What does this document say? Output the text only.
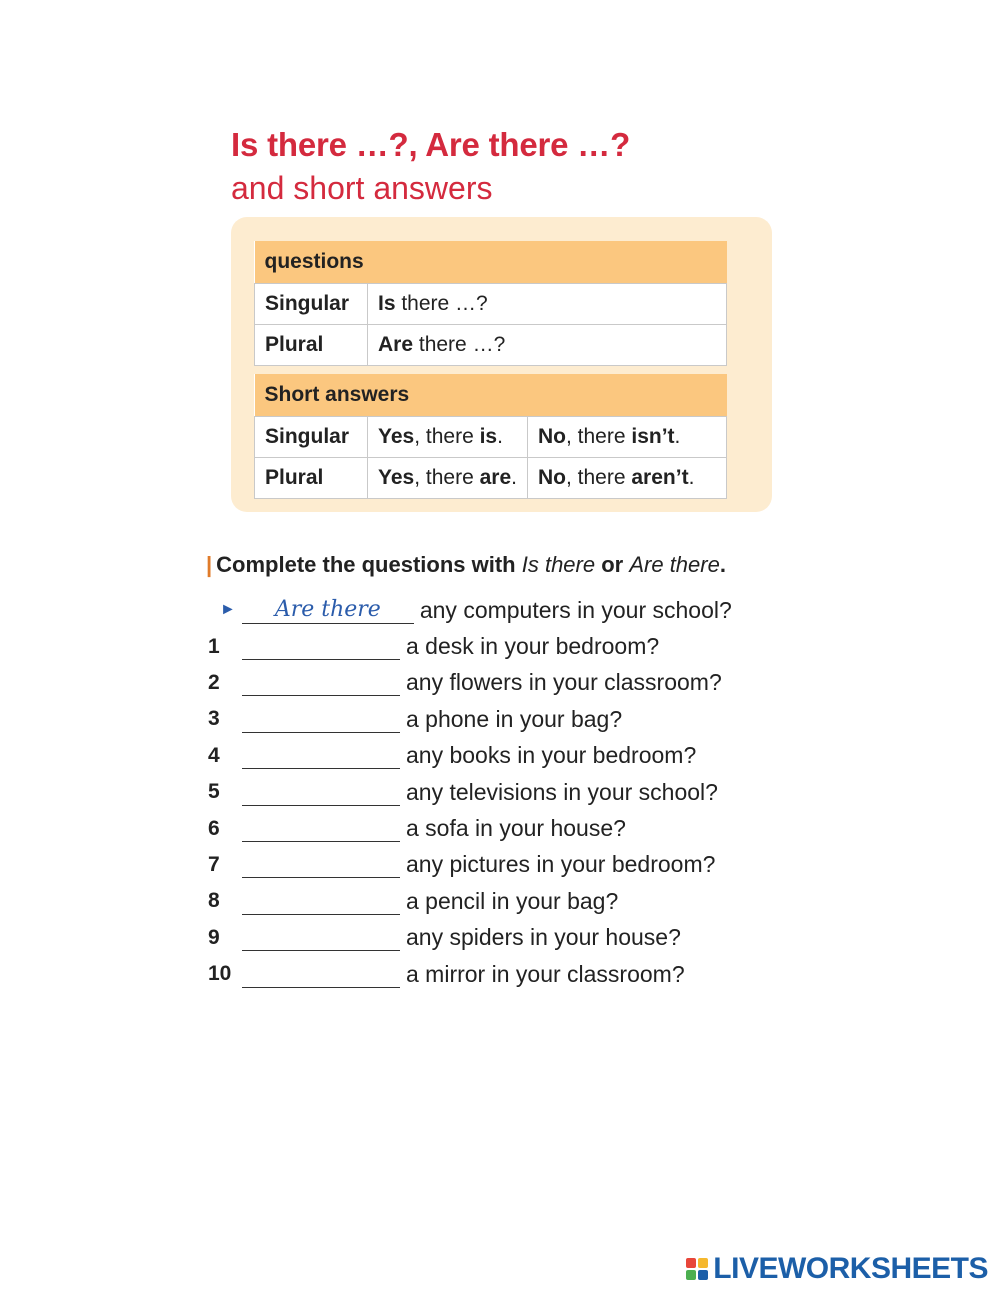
Is there …?, Are there …?
and short answers
questions	
Singular	Is there …?
Plural	Are there …?
Short answers		
Singular	Yes, there is.	No, there isn’t.
Plural	Yes, there are.	No, there aren’t.
| Complete the questions with Is there or Are there.
►
Are there	any computers in your school?
1	a desk in your bedroom?
2	any flowers in your classroom?
3	a phone in your bag?
4	any books in your bedroom?
5	any televisions in your school?
6	a sofa in your house?
7	any pictures in your bedroom?
8	a pencil in your bag?
9	any spiders in your house?
10	a mirror in your classroom?
LIVEWORKSHEETS
